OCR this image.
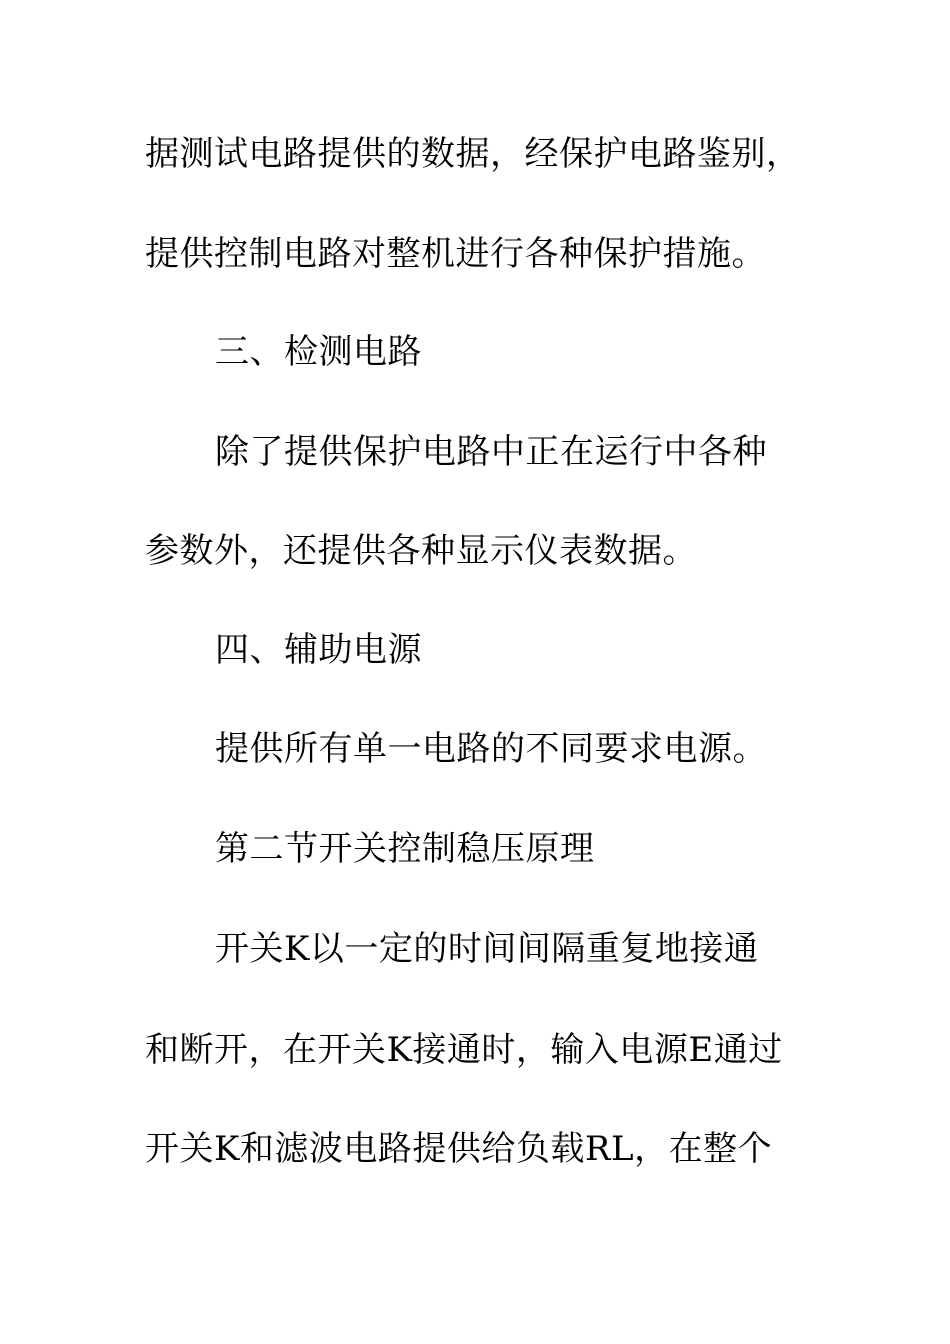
据测试电路提供的数据，经保护电路鉴别，
提供控制电路对整机进行各种保护措施。
三、检测电路
除了提供保护电路中正在运行中各种
参数外，还提供各种显示仪表数据。
四、辅助电源
提供所有单一电路的不同要求电源。
第二节开关控制稳压原理
开关K以一定的时间间隔重复地接通
和断开，在开关K接通时，输入电源E通过
开关K和滤波电路提供给负载RL，在整个
